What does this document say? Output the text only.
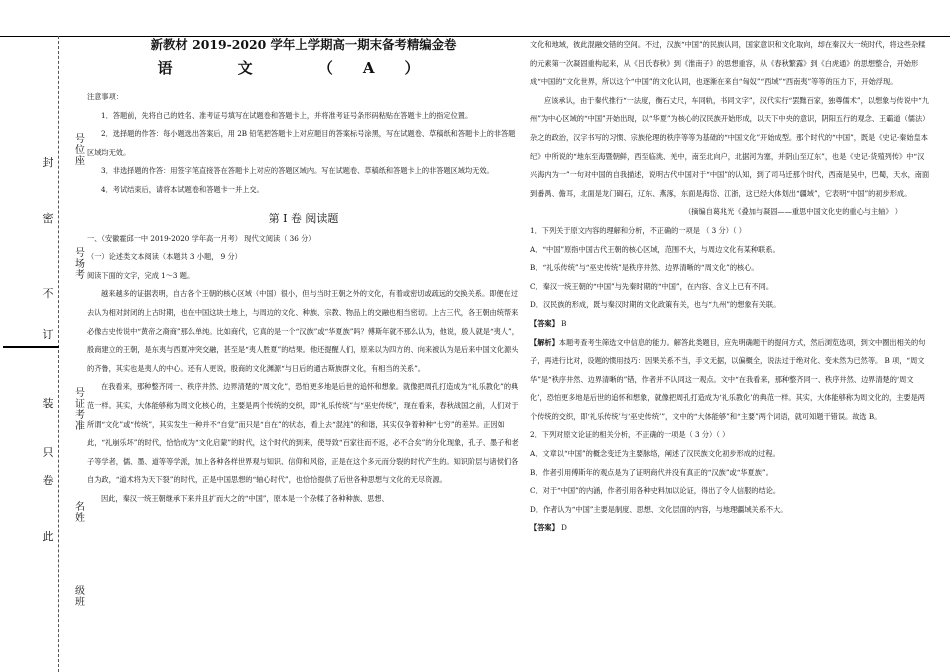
号位座
号场考
号证考准
名姓
级班
封
密
不
订
装
只
卷
此

新教材 2019-2020 学年上学期高一期末备考精编金卷

语 文 （A）

注意事项：

1．答题前，先将自己的姓名、准考证号填写在试题卷和答题卡上，并将准考证号条形码粘贴在答题卡上的指定位置。

2．选择题的作答：每小题选出答案后，用 2B 铅笔把答题卡上对应题目的答案标号涂黑，写在试题卷、草稿纸和答题卡上的非答题区域均无效。

3．非选择题的作答：用签字笔直接答在答题卡上对应的答题区域内。写在试题卷、草稿纸和答题卡上的非答题区域均无效。

4．考试结束后，请将本试题卷和答题卡一并上交。

第 I 卷 阅读题

一、（安徽霍邱一中 2019-2020 学年高一月考） 现代文阅读（ 36 分）

（一）论述类文本阅读（本题共 3 小题， 9 分）

阅读下面的文字，完成 1～3 题。

越来越多的证据表明，自古各个王朝的核心区域（中国）很小，但与当时王朝之外的文化，有着或密切或疏远的交换关系。即便在过去认为相对封闭的上古时期，也在中国这块土地上，与周边的文化、种族、宗教、物品上的交融也相当密切。上古三代，各王朝由统帮来必像古史传说中“黄帝之裔商”那么单纯。比如商代，它真的是一个“汉族”或“华夏族”吗？傅斯年就不那么认为，他说，殷人就是“夷人”，殷商建立的王朝，是东夷与西夏冲突交融，甚至是“夷人胜夏”的结果。他还提醒人们，原来以为四方的、向来被认为是后来中国文化源头的齐鲁，其实也是夷人的中心。还有人更说，殷商的文化渊源“与日后的通古斯族群文化，有相当的关系”。

在我看来，那种整齐同一、秩序井然、边界清楚的“周文化”，恐怕更多地是后世的追怀和想象。就像把周孔打造成为“礼乐教化”的典范一样。其实，大体能够称为周文化核心的，主要是两个传统的交织，即“礼乐传统”与“巫史传统”，现在看来，春秋战国之前，人们对于所谓“文化”或“传统”，其实发生一种并不“自觉”而只是“自在”的状态，看上去“混沌”的和谐，其实仅争着种种“七穷”的差异。正因如此，“礼崩乐坏”的时代，恰恰成为“文化启蒙”的时代，这个时代的到来，使导致“百家往而不返，必不合矣”的分化现象，孔子、墨子和老子等学者，儒、墨、道等等学派，加上各种各样世界观与知识、信仰和风俗，正是在这个多元而分裂的时代产生的。知识阶层与诸侯们各自为政，“道术将为天下裂”的时代，正是中国思想的“轴心时代”，也恰恰提供了后世各种思想与文化的无尽资源。

因此，秦汉一统王朝继承下来并且扩而大之的“中国”，原本是一个杂糅了各种种族、思想、

文化和地域，彼此混融交错的空间。不过，汉族“中国”的民族认同，国家意识和文化取向，却在秦汉大一统时代，将这些杂糅的元素第一次凝固重构起来，从《吕氏春秋》到《淮南子》的思想重容，从《春秋繁露》到《白虎通》的思想整合，开始形成“中国的”文化世界，所以这个“中国”的文化认同，也逐渐在来自“匈奴”“西域”“西南夷”等等的压力下，开始浮现。

应该承认，由于秦代推行“一法度，衡石丈尺，车同轨，书同文字”，汉代实行“罢黜百家，独尊儒术”，以想象与传说中“九州”为中心区域的“中国”开始出现，以“华夏”为核心的汉民族开始形成，以天下中央的意识，阴阳五行的观念、王霸道（儒法）杂之的政治，汉字书写的习惯、宗族伦理的秩序等等为基础的“中国文化”开始成型。那个时代的“中国”，既是《史记·秦始皇本纪》中所说的“地东至海暨朝鲜，西至临洮、羌中，南至北向户，北据河为塞，并阴山至辽东”，也是《史记·货殖列传》中“汉兴海内为一”一句对中国的自我描述，说明古代中国对于“中国”的认知，到了司马迁那个时代，西南是吴中，巴蜀，天水，南面到番禺、儋耳，北面是龙门碣石，辽东、燕涿，东面是海岱、江浙，这已经大体划出“疆域”，它表明“中国”的初步形成。

（摘编自葛兆光《叠加与凝固——重思中国文化史的重心与主轴》 ）

1．下列关于原文内容的理解和分析，不正确的一项是 （ 3 分）（ ）

A．“中国”原指中国古代王朝的核心区域，范围不大，与周边文化有某种联系。

B．“礼乐传统”与“巫史传统”是秩序井然、边界清晰的“周文化”的核心。

C．秦汉一统王朝的“中国”与先秦时期的“中国”，在内容、含义上已有不同。

D．汉民族的形成，既与秦汉时期的文化政策有关，也与“九州”的想象有关联。

【答案】 B

【解析】本题考查考生筛选文中信息的能力。解答此类题目，应先明确题干的提问方式，然后浏览选项，到文中圈出相关的句子，再进行比对，设题的惯用技巧：因果关系不当，手文无据，以偏概全，说法过于绝对化、变未然为已然等。 B 项，“周文华”是“秩序井然、边界清晰的”错，作者并不认同这一观点。文中“在我看来，那种整齐同一、秩序井然、边界清楚的‘周文化’，恐怕更多地是后世的追怀和想象，就像把周孔打造成为‘礼乐教化’的典范一样。其实，大体能够称为周文化的，主要是两个传统的交织，即‘礼乐传统’与‘巫史传统’”，文中的“大体能够”和“主要”两个词语，就可知题干错误。故选 B。

2．下列对原文论证的相关分析，不正确的一项是（ 3 分）（ ）

A．文章以“中国”的概念变迁为主要脉络，阐述了汉民族文化初步形成的过程。

B．作者引用傅斯年的观点是为了证明商代并没有真正的“汉族”或“华夏族”。

C．对于“中国”的内涵，作者引用各种史料加以论证，得出了令人信服的结论。

D．作者认为“中国”主要是制度、思想、文化层面的内容，与地理疆域关系不大。

【答案】 D
